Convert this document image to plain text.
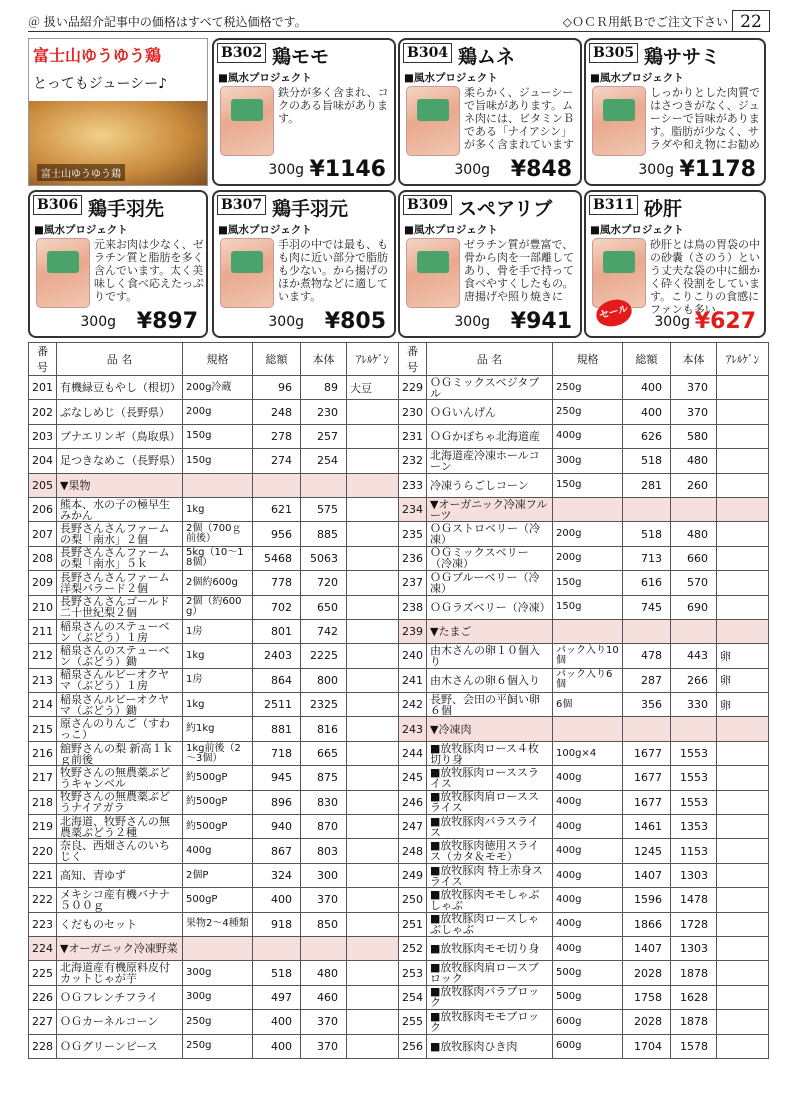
＠ 扱い品紹介記事中の価格はすべて税込価格です。	◇ＯＣＲ用紙Ｂでご注文下さい 22
富士山ゆうゆう鶏
とってもジューシー♪
富士山ゆうゆう鶏
B302 鶏モモ
■風水プロジェクト
鉄分が多く含まれ、コクのある旨味があります。
300g ¥1146
B304 鶏ムネ
■風水プロジェクト
柔らかく、ジューシーで旨味があります。ムネ肉には、ビタミンＢである「ナイアシン」が多く含まれています
300g ¥848
B305 鶏ササミ
■風水プロジェクト
しっかりとした肉質ではさつきがなく、ジューシーで旨味があります。脂肪が少なく、サラダや和え物にお勧め
300g ¥1178
B306 鶏手羽先
■風水プロジェクト
元来お肉は少なく、ゼラチン質と脂肪を多く含んでいます。太く美味しく食べ応えたっぷりです。
300g ¥897
B307 鶏手羽元
■風水プロジェクト
手羽の中では最も、もも肉に近い部分で脂肪も少ない。から揚げのほか煮物などに適しています。
300g ¥805
B309 スペアリブ
■風水プロジェクト
ゼラチン質が豊富で、骨から肉を一部離してあり、骨を手で持って食べやすくしたもの。唐揚げや照り焼きに
300g ¥941
B311 砂肝
■風水プロジェクト
砂肝とは鳥の胃袋の中の砂嚢（さのう）という丈夫な袋の中に細かく砕く役割をしています。こりこりの食感にファンも多い。
300g ¥627
セール
番号	品 名	規格	総額	本体	ｱﾚﾙｹﾞﾝ
201	有機緑豆もやし（根切）	200g冷蔵	96	89	大豆
202	ぶなしめじ（長野県）	200g	248	230	
203	ブナエリンギ（鳥取県）	150g	278	257	
204	足つきなめこ（長野県）	150g	274	254	
205	▼果物				
206	熊本、水の子の極早生みかん	1kg	621	575	
207	長野さんさんファームの梨「南水」２個	2個（700ｇ前後）	956	885	
208	長野さんさんファームの梨「南水」５ｋ	5kg（10～18個）	5468	5063	
209	長野さんさんファーム洋梨バラード２個	2個約600g	778	720	
210	長野さんさんゴールド二十世紀梨２個	2個（約600g）	702	650	
211	稲泉さんのステューベン（ぶどう）１房	1房	801	742	
212	稲泉さんのステューベン（ぶどう）鋤	1kg	2403	2225	
213	稲泉さんルビーオクヤマ（ぶどう）１房	1房	864	800	
214	稲泉さんルビーオクヤマ（ぶどう）鋤	1kg	2511	2325	
215	原さんのりんご（すわっこ）	約1kg	881	816	
216	舘野さんの梨 新高１ｋｇ前後	1kg前後（2～3個）	718	665	
217	牧野さんの無農薬ぶどうキャンベル	約500gP	945	875	
218	牧野さんの無農薬ぶどうナイアガラ	約500gP	896	830	
219	北海道、牧野さんの無農薬ぶどう２種	約500gP	940	870	
220	奈良、西畑さんのいちじく	400g	867	803	
221	高知、青ゆず	2個P	324	300	
222	メキシコ産有機バナナ５００ｇ	500gP	400	370	
223	くだものセット	果物2～4種類	918	850	
224	▼オーガニック冷凍野菜				
225	北海道産有機原料皮付カットじゃが芋	300g	518	480	
226	ＯＧフレンチフライ	300g	497	460	
227	ＯＧカーネルコーン	250g	400	370	
228	ＯＧグリーンピース	250g	400	370	
番号	品 名	規格	総額	本体	ｱﾚﾙｹﾞﾝ
229	ＯＧミックスベジタブル	250g	400	370	
230	ＯＧいんげん	250g	400	370	
231	ＯＧかぼちゃ北海道産	400g	626	580	
232	北海道産冷凍ホールコーン	300g	518	480	
233	冷凍うらごしコーン	150g	281	260	
234	▼オーガニック冷凍フルーツ				
235	ＯＧストロベリー（冷凍）	200g	518	480	
236	ＯＧミックスベリー（冷凍）	200g	713	660	
237	ＯＧブルーベリー（冷凍）	150g	616	570	
238	ＯＧラズベリー（冷凍）	150g	745	690	
239	▼たまご				
240	由木さんの卵１０個入り	パック入り10個	478	443	卵
241	由木さんの卵６個入り	パック入り6個	287	266	卵
242	長野、会田の平飼い卵６個	6個	356	330	卵
243	▼冷凍肉				
244	■放牧豚肉ロース４枚切り身	100g×4	1677	1553	
245	■放牧豚肉ローススライス	400g	1677	1553	
246	■放牧豚肉肩ローススライス	400g	1677	1553	
247	■放牧豚肉バラスライス	400g	1461	1353	
248	■放牧豚肉徳用スライス（カタ＆モモ）	400g	1245	1153	
249	■放牧豚肉 特上赤身スライス	400g	1407	1303	
250	■放牧豚肉モモしゃぶしゃぶ	400g	1596	1478	
251	■放牧豚肉ロースしゃぶしゃぶ	400g	1866	1728	
252	■放牧豚肉モモ切り身	400g	1407	1303	
253	■放牧豚肉肩ロースブロック	500g	2028	1878	
254	■放牧豚肉バラブロック	500g	1758	1628	
255	■放牧豚肉モモブロック	600g	2028	1878	
256	■放牧豚肉ひき肉	600g	1704	1578	
